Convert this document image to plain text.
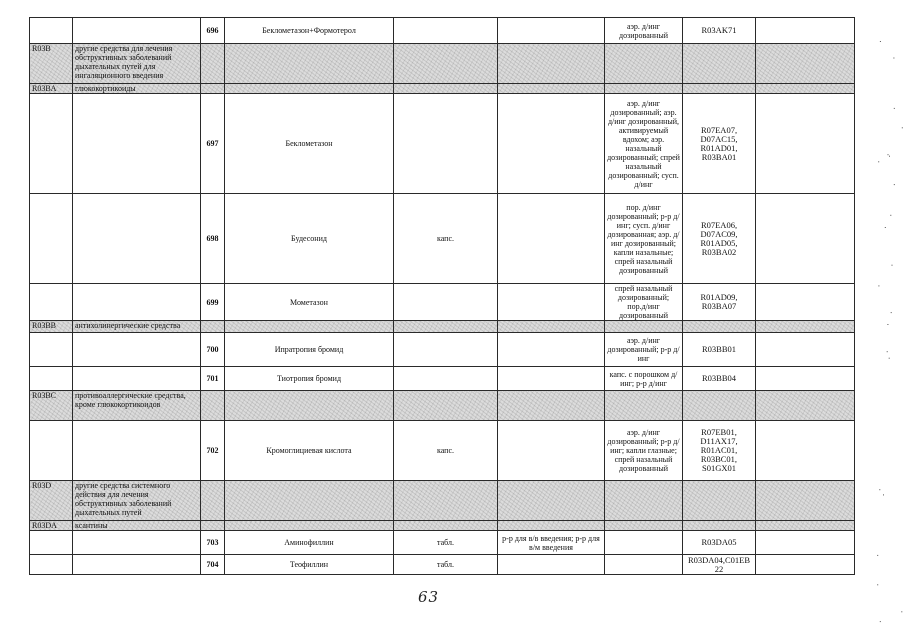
		696	Беклометазон+Формотерол			аэр. д/инг дозированный	R03AK71	
R03B	другие средства для лечения обструктивных заболеваний дыхательных путей для ингаляционного введения							
R03BA	глюкокортикоиды							
		697	Беклометазон			аэр. д/инг дозированный; аэр. д/инг дозированный, активируемый вдохом; аэр. назальный дозированный; спрей назальный дозированный; сусп. д/инг	R07EA07, D07AC15, R01AD01, R03BA01	
		698	Будесонид	капс.		пор. д/инг дозированный; р-р д/инг; сусп. д/инг дозированная; аэр. д/инг дозированный; капли назальные; спрей назальный дозированный	R07EA06, D07AC09, R01AD05, R03BA02	
		699	Мометазон			спрей назальный дозированный; пор.д/инг дозированный	R01AD09, R03BA07	
R03BB	антихолинергические средства							
		700	Ипратропия бромид			аэр. д/инг дозированный; р-р д/инг	R03BB01	
		701	Тиотропия бромид			капс. с порошком д/инг; р-р д/инг	R03BB04	
R03BC	противоаллергические средства, кроме глюкокортикоидов							
		702	Кромоглициевая кислота	капс.		аэр. д/инг дозированный; р-р д/инг; капли глазные; спрей назальный дозированный	R07EB01, D11AX17, R01AC01, R03BC01, S01GX01	
R03D	другие средства системного действия для лечения обструктивных заболеваний дыхательных путей							
R03DA	ксантины							
		703	Аминофиллин	табл.	р-р для в/в введения; р-р для в/м введения		R03DA05	
		704	Теофиллин	табл.			R03DA04,C01EB 22	
63
